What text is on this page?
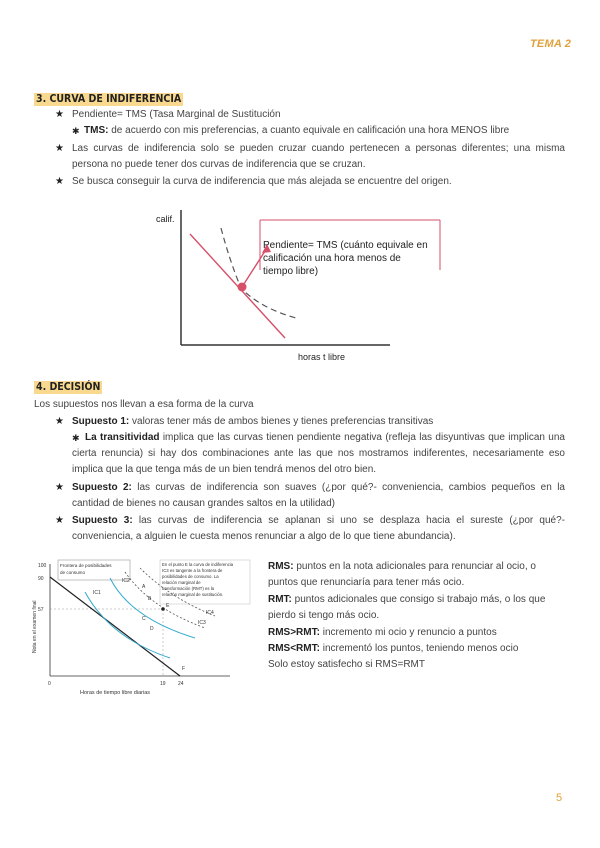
TEMA 2
3. CURVA DE INDIFERENCIA
★ Pendiente= TMS (Tasa Marginal de Sustitución
✱ TMS: de acuerdo con mis preferencias, a cuanto equivale en calificación una hora MENOS libre
★ Las curvas de indiferencia solo se pueden cruzar cuando pertenecen a personas diferentes; una misma persona no puede tener dos curvas de indiferencia que se cruzan.
★ Se busca conseguir la curva de indiferencia que más alejada se encuentre del origen.
calif.
horas t libre
Pendiente= TMS (cuánto equivale en
calificación una hora menos de
tiempo libre)
4. DECISIÓN
Los supuestos nos llevan a esa forma de la curva
★ Supuesto 1: valoras tener más de ambos bienes y tienes preferencias transitivas
✱ La transitividad implica que las curvas tienen pendiente negativa (refleja las disyuntivas que implican una cierta renuncia) si hay dos combinaciones ante las que nos mostramos indiferentes, necesariamente eso implica que la que tenga más de un bien tendrá menos del otro bien.
★ Supuesto 2: las curvas de indiferencia son suaves (¿por qué?- conveniencia, cambios pequeños en la cantidad de bienes no causan grandes saltos en la utilidad)
★ Supuesto 3: las curvas de indiferencia se aplanan si uno se desplaza hacia el sureste (¿por qué?- conveniencia, a alguien le cuesta menos renunciar a algo de lo que tiene abundancia).
Frontera de posibilidades
de consumo
En el punto E la curva de indiferencia
IC3 es tangente a la frontera de
posibilidades de consumo. La
relación marginal de
transformación (RMT) es la
relación marginal de sustitución.
100
90
57
0	19 24
IC1
IC2
IC3
IC4
A
B
C
D
E
F
Nota en el examen final
Horas de tiempo libre diarias
RMS: puntos en la nota adicionales para renunciar al ocio, o puntos que renunciaría para tener más ocio.
RMT: puntos adicionales que consigo si trabajo más, o los que pierdo si tengo más ocio.
RMS>RMT: incremento mi ocio y renuncio a puntos
RMS<RMT: incrementó los puntos, teniendo menos ocio
Solo estoy satisfecho si RMS=RMT
5
